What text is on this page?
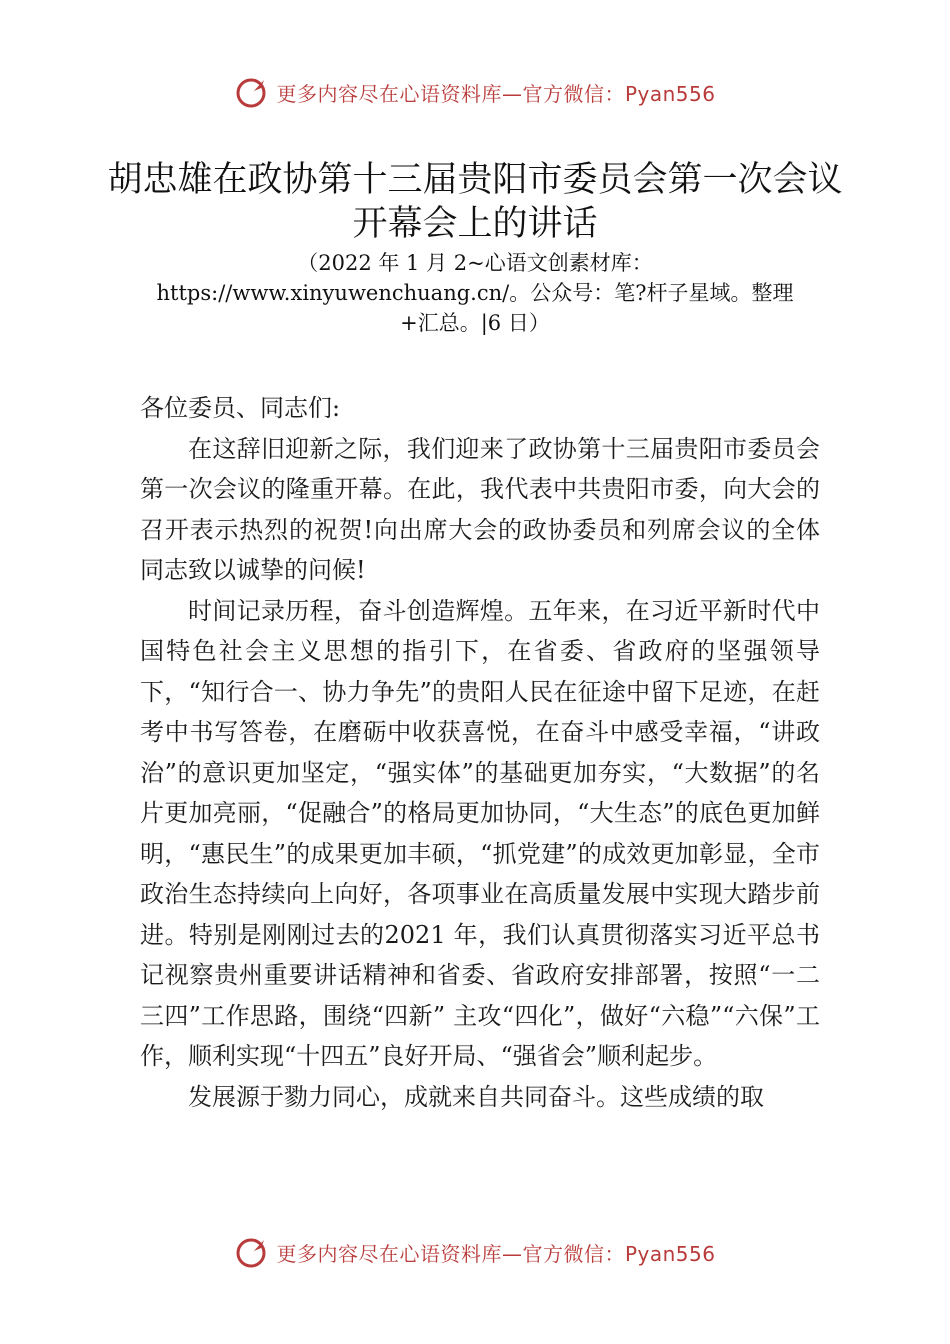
更多内容尽在心语资料库—官方微信：Pyan556
胡忠雄在政协第十三届贵阳市委员会第一次会议开幕会上的讲话

（2022 年 1 月 2~心语文创素材库：https://www.xinyuwenchuang.cn/。公众号：笔?杆子星域。整理+汇总。|6 日）

各位委员、同志们:

在这辞旧迎新之际，我们迎来了政协第十三届贵阳市委员会第一次会议的隆重开幕。在此，我代表中共贵阳市委，向大会的召开表示热烈的祝贺!向出席大会的政协委员和列席会议的全体同志致以诚挚的问候!

时间记录历程，奋斗创造辉煌。五年来，在习近平新时代中国特色社会主义思想的指引下，在省委、省政府的坚强领导下，“知行合一、协力争先”的贵阳人民在征途中留下足迹，在赶考中书写答卷，在磨砺中收获喜悦，在奋斗中感受幸福，“讲政治”的意识更加坚定，“强实体”的基础更加夯实，“大数据”的名片更加亮丽，“促融合”的格局更加协同，“大生态”的底色更加鲜明，“惠民生”的成果更加丰硕，“抓党建”的成效更加彰显，全市政治生态持续向上向好，各项事业在高质量发展中实现大踏步前进。特别是刚刚过去的2021 年，我们认真贯彻落实习近平总书记视察贵州重要讲话精神和省委、省政府安排部署，按照“一二三四”工作思路，围绕“四新” 主攻“四化”，做好“六稳”“六保”工作，顺利实现“十四五”良好开局、“强省会”顺利起步。

发展源于勠力同心，成就来自共同奋斗。这些成绩的取

更多内容尽在心语资料库—官方微信：Pyan556
